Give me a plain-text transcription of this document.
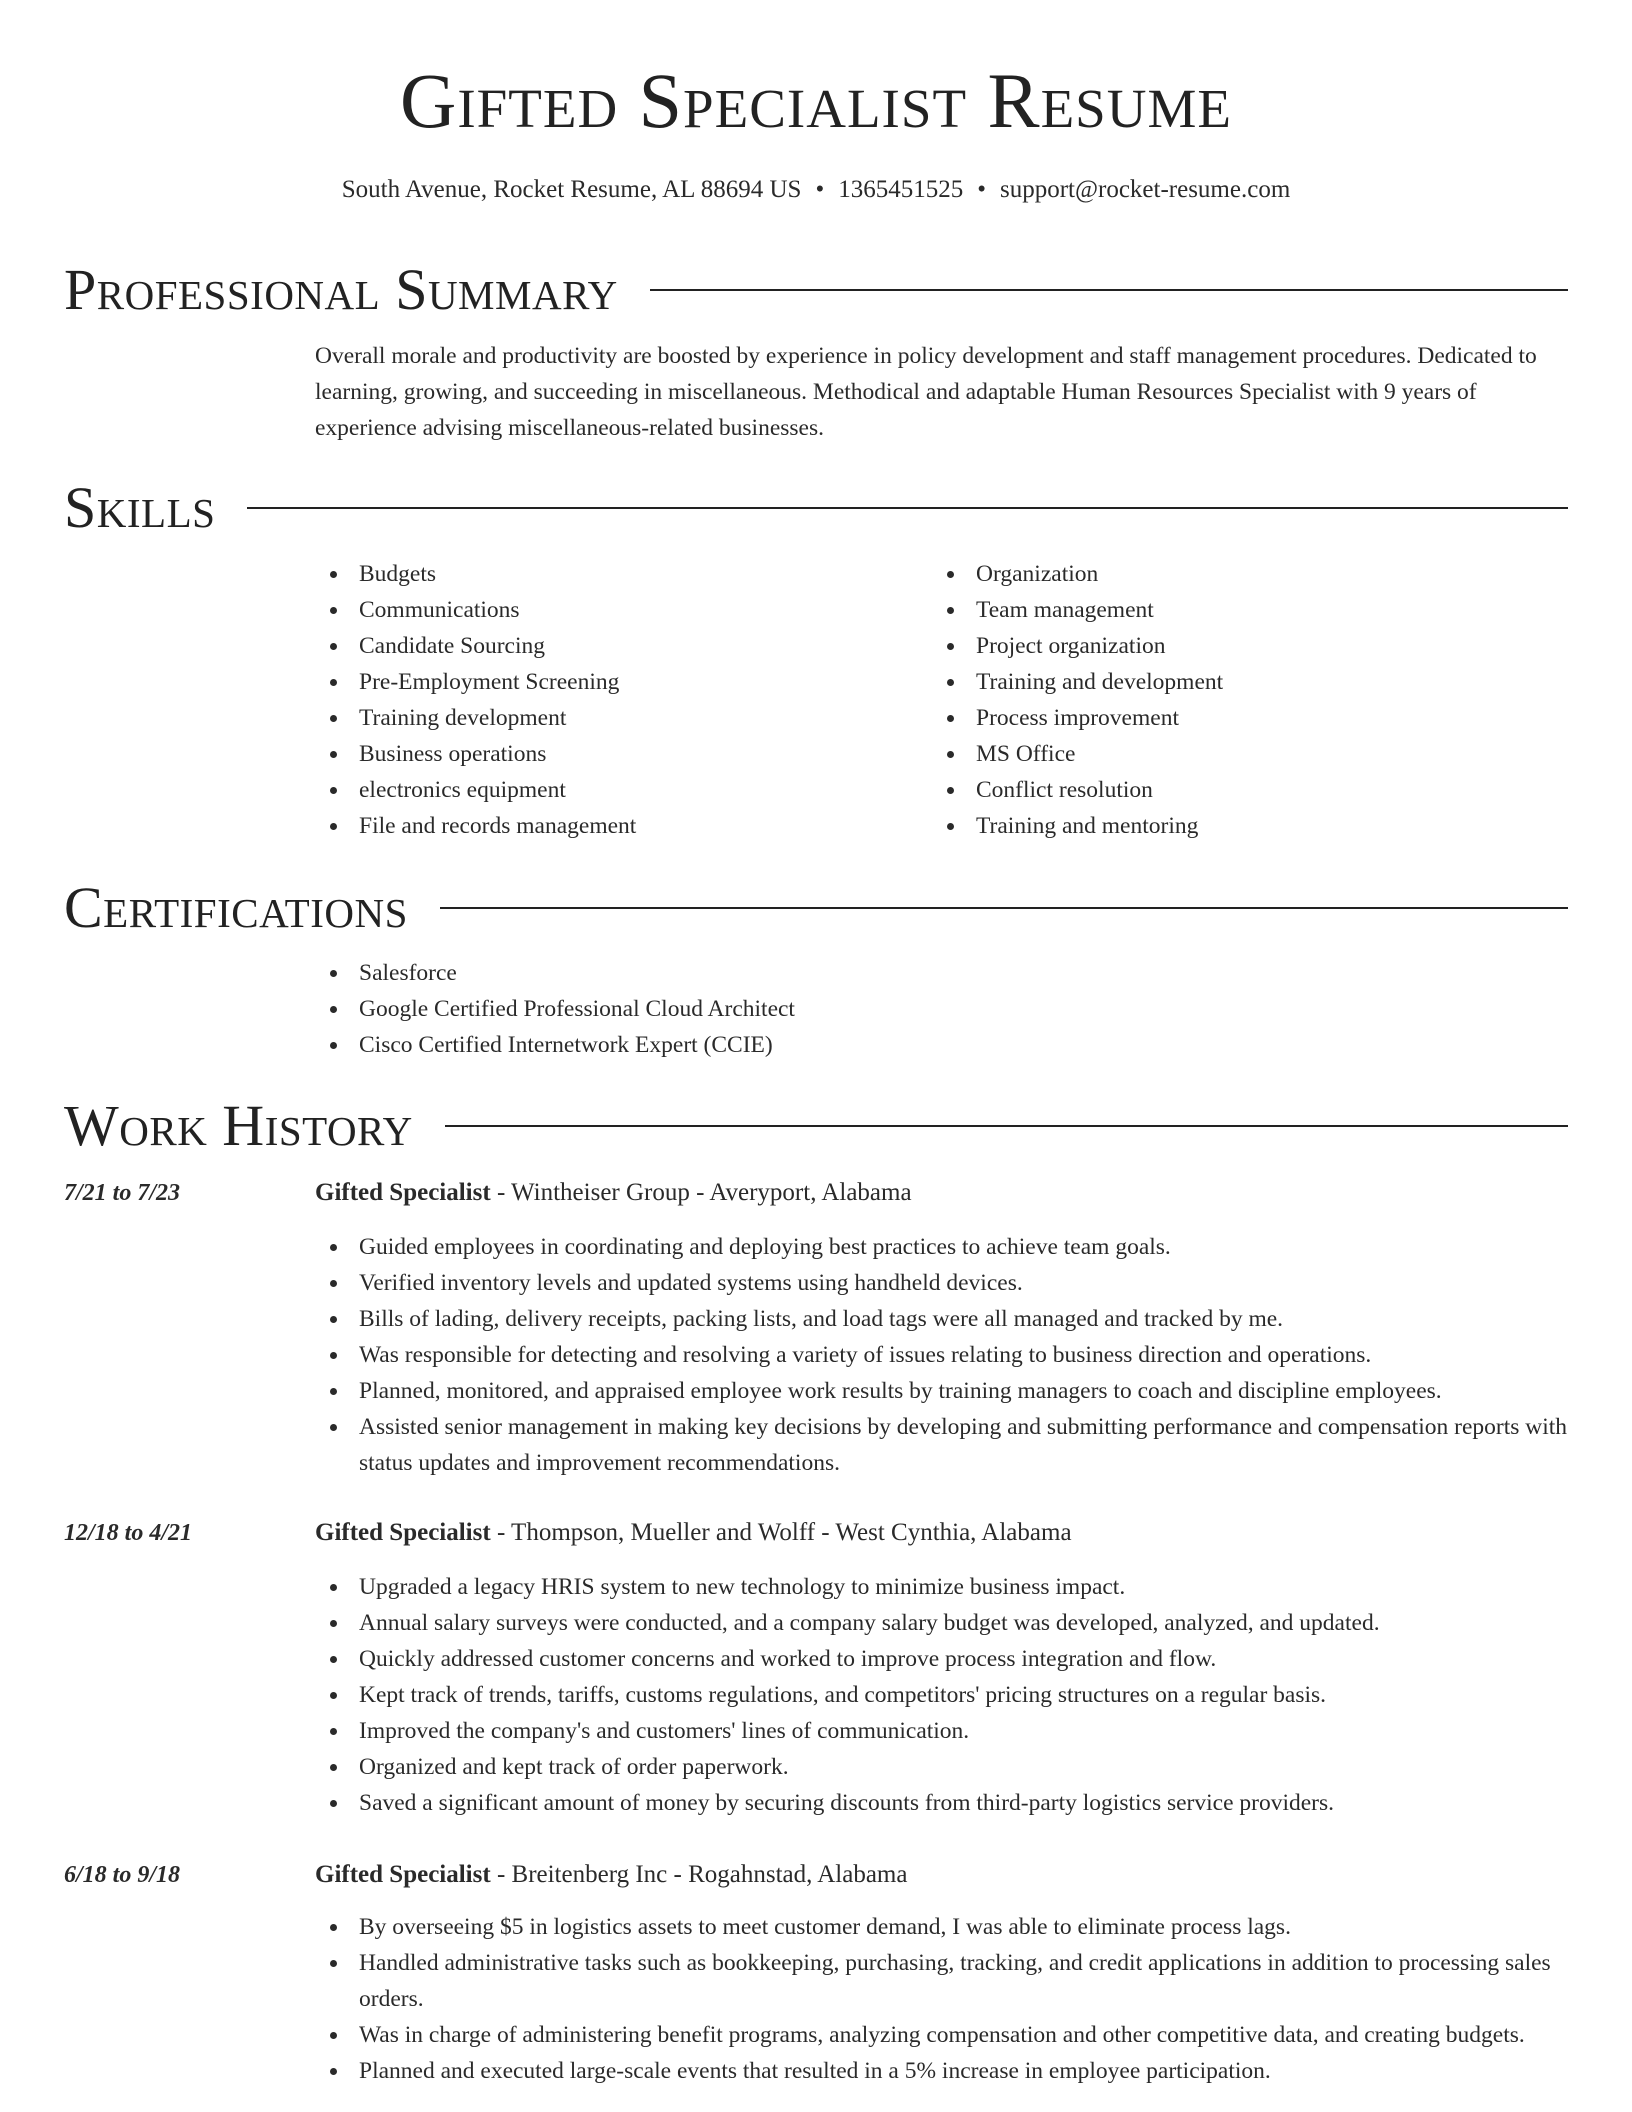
Gifted Specialist Resume
South Avenue, Rocket Resume, AL 88694 US • 1365451525 • support@rocket-resume.com
Professional Summary
Overall morale and productivity are boosted by experience in policy development and staff management procedures. Dedicated to learning, growing, and succeeding in miscellaneous. Methodical and adaptable Human Resources Specialist with 9 years of experience advising miscellaneous-related businesses.
Skills
Budgets
Communications
Candidate Sourcing
Pre-Employment Screening
Training development
Business operations
electronics equipment
File and records management
Organization
Team management
Project organization
Training and development
Process improvement
MS Office
Conflict resolution
Training and mentoring
Certifications
Salesforce
Google Certified Professional Cloud Architect
Cisco Certified Internetwork Expert (CCIE)
Work History
7/21 to 7/23	Gifted Specialist - Wintheiser Group - Averyport, Alabama
Guided employees in coordinating and deploying best practices to achieve team goals.
Verified inventory levels and updated systems using handheld devices.
Bills of lading, delivery receipts, packing lists, and load tags were all managed and tracked by me.
Was responsible for detecting and resolving a variety of issues relating to business direction and operations.
Planned, monitored, and appraised employee work results by training managers to coach and discipline employees.
Assisted senior management in making key decisions by developing and submitting performance and compensation reports with status updates and improvement recommendations.
12/18 to 4/21	Gifted Specialist - Thompson, Mueller and Wolff - West Cynthia, Alabama
Upgraded a legacy HRIS system to new technology to minimize business impact.
Annual salary surveys were conducted, and a company salary budget was developed, analyzed, and updated.
Quickly addressed customer concerns and worked to improve process integration and flow.
Kept track of trends, tariffs, customs regulations, and competitors' pricing structures on a regular basis.
Improved the company's and customers' lines of communication.
Organized and kept track of order paperwork.
Saved a significant amount of money by securing discounts from third-party logistics service providers.
6/18 to 9/18	Gifted Specialist - Breitenberg Inc - Rogahnstad, Alabama
By overseeing $5 in logistics assets to meet customer demand, I was able to eliminate process lags.
Handled administrative tasks such as bookkeeping, purchasing, tracking, and credit applications in addition to processing sales orders.
Was in charge of administering benefit programs, analyzing compensation and other competitive data, and creating budgets.
Planned and executed large-scale events that resulted in a 5% increase in employee participation.
